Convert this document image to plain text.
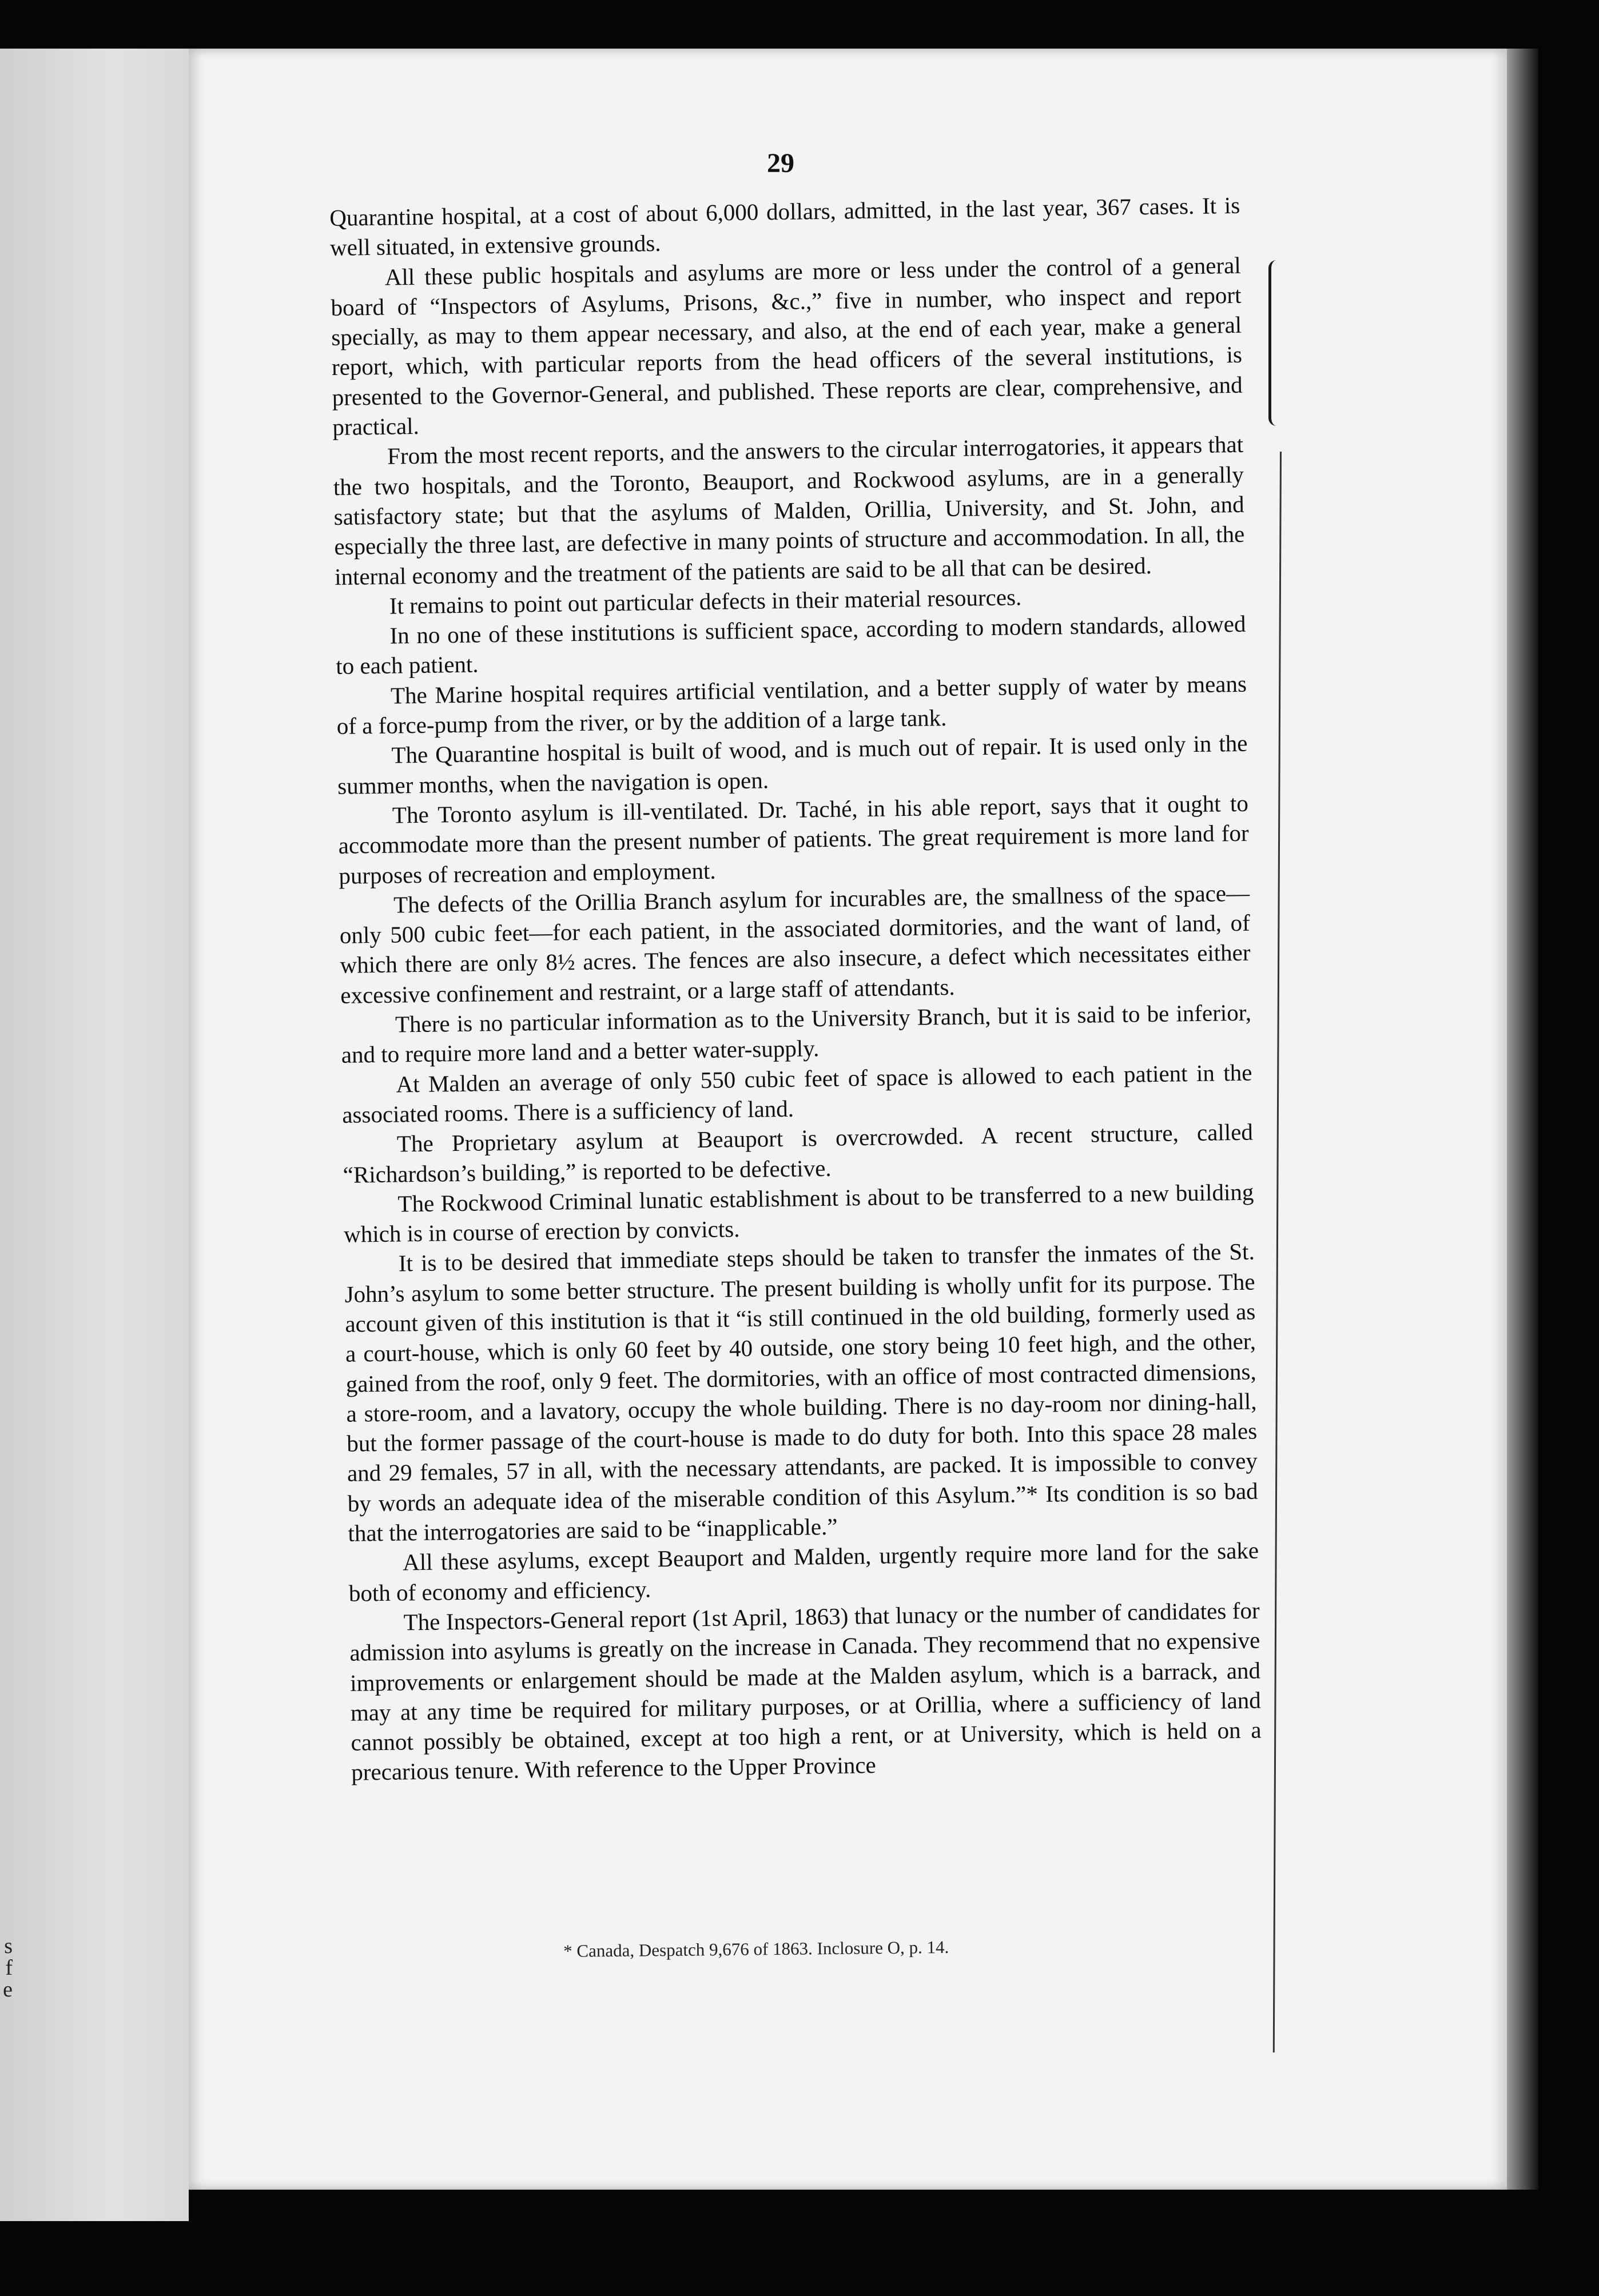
s
f
e
29

Quarantine hospital, at a cost of about 6,000 dollars, admitted, in the last year, 367 cases. It is well situated, in extensive grounds.

All these public hospitals and asylums are more or less under the control of a general board of “Inspectors of Asylums, Prisons, &c.,” five in number, who inspect and report specially, as may to them appear necessary, and also, at the end of each year, make a general report, which, with particular reports from the head officers of the several institutions, is presented to the Governor-General, and published. These reports are clear, comprehensive, and practical.

From the most recent reports, and the answers to the circular interrogatories, it appears that the two hospitals, and the Toronto, Beauport, and Rockwood asylums, are in a generally satisfactory state; but that the asylums of Malden, Orillia, University, and St. John, and especially the three last, are defective in many points of structure and accommodation. In all, the internal economy and the treatment of the patients are said to be all that can be desired.

It remains to point out particular defects in their material resources.

In no one of these institutions is sufficient space, according to modern standards, allowed to each patient.

The Marine hospital requires artificial ventilation, and a better supply of water by means of a force-pump from the river, or by the addition of a large tank.

The Quarantine hospital is built of wood, and is much out of repair. It is used only in the summer months, when the navigation is open.

The Toronto asylum is ill-ventilated. Dr. Taché, in his able report, says that it ought to accommodate more than the present number of patients. The great requirement is more land for purposes of recreation and employment.

The defects of the Orillia Branch asylum for incurables are, the smallness of the space—only 500 cubic feet—for each patient, in the associated dormitories, and the want of land, of which there are only 8½ acres. The fences are also insecure, a defect which necessitates either excessive confinement and restraint, or a large staff of attendants.

There is no particular information as to the University Branch, but it is said to be inferior, and to require more land and a better water-supply.

At Malden an average of only 550 cubic feet of space is allowed to each patient in the associated rooms. There is a sufficiency of land.

The Proprietary asylum at Beauport is overcrowded. A recent structure, called “Richardson’s building,” is reported to be defective.

The Rockwood Criminal lunatic establishment is about to be transferred to a new building which is in course of erection by convicts.

It is to be desired that immediate steps should be taken to transfer the inmates of the St. John’s asylum to some better structure. The present building is wholly unfit for its purpose. The account given of this institution is that it “is still continued in the old building, formerly used as a court-house, which is only 60 feet by 40 outside, one story being 10 feet high, and the other, gained from the roof, only 9 feet. The dormitories, with an office of most contracted dimensions, a store-room, and a lavatory, occupy the whole building. There is no day-room nor dining-hall, but the former passage of the court-house is made to do duty for both. Into this space 28 males and 29 females, 57 in all, with the necessary attendants, are packed. It is impossible to convey by words an adequate idea of the miserable condition of this Asylum.”* Its condition is so bad that the interrogatories are said to be “inapplicable.”

All these asylums, except Beauport and Malden, urgently require more land for the sake both of economy and efficiency.

The Inspectors-General report (1st April, 1863) that lunacy or the number of candidates for admission into asylums is greatly on the increase in Canada. They recommend that no expensive improvements or enlargement should be made at the Malden asylum, which is a barrack, and may at any time be required for military purposes, or at Orillia, where a sufficiency of land cannot possibly be obtained, except at too high a rent, or at University, which is held on a precarious tenure. With reference to the Upper Province

* Canada, Despatch 9,676 of 1863. Inclosure O, p. 14.
